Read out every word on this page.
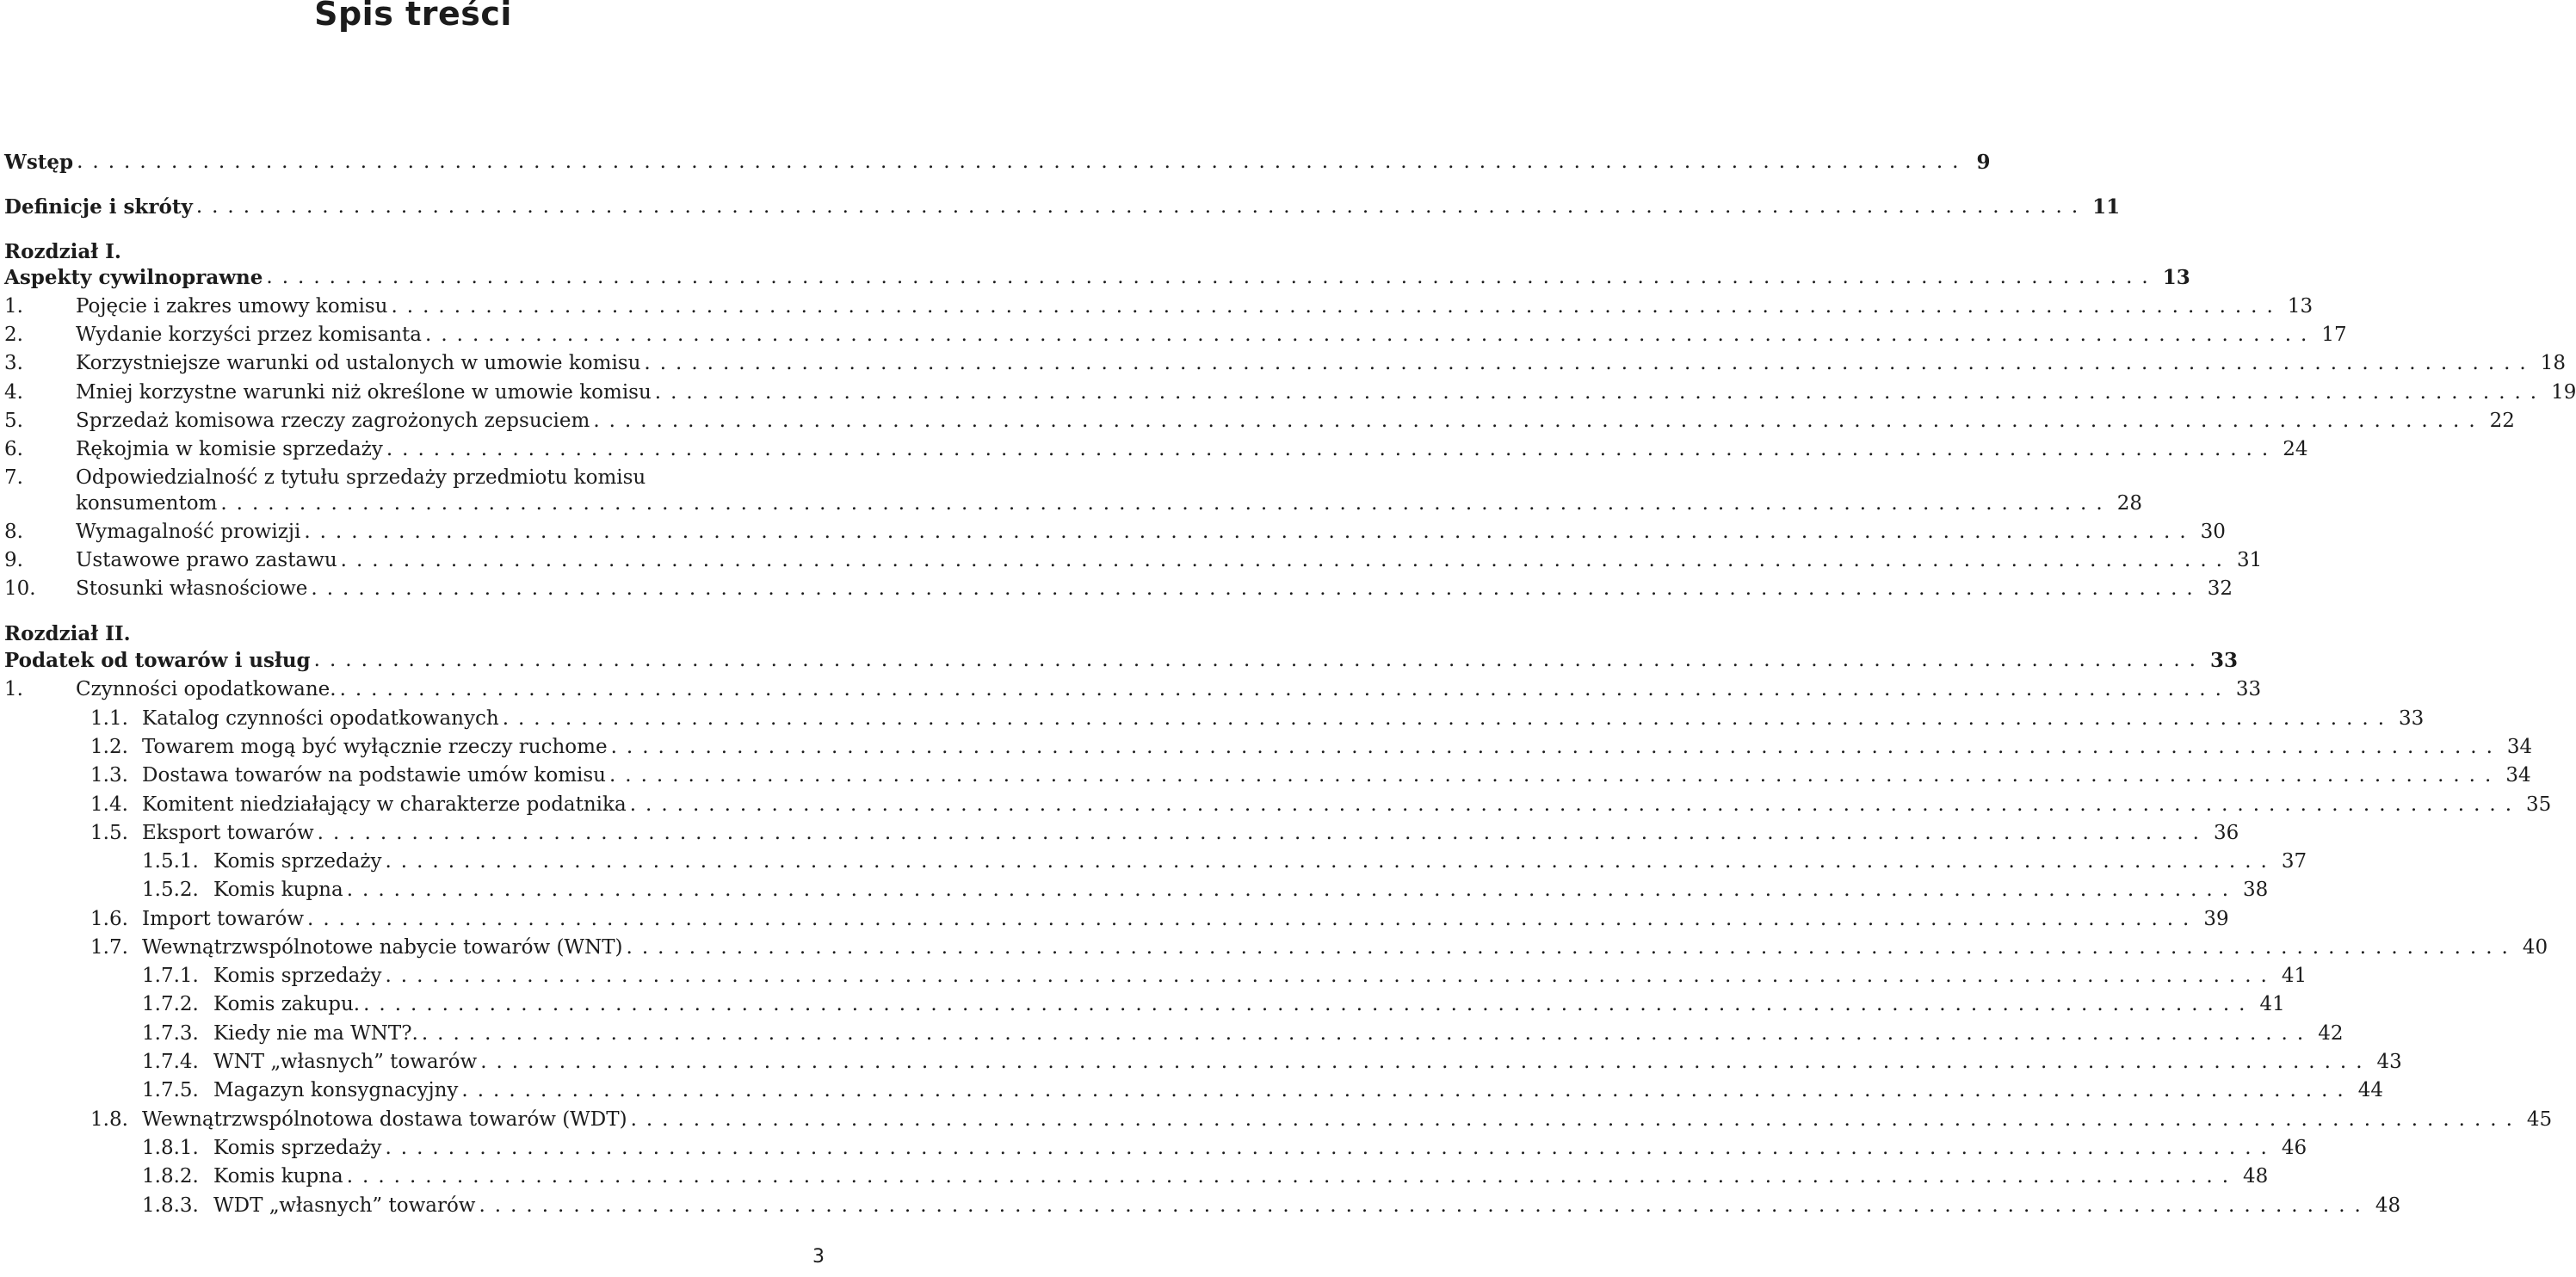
Spis treści
Wstęp ........................................................................................................................ 9
Definicje i skróty ........................................................................................................................ 11
Rozdział I.
Aspekty cywilnoprawne ........................................................................................................................ 13
1.	Pojęcie i zakres umowy komisu ........................................................................................................................ 13
2.	Wydanie korzyści przez komisanta ........................................................................................................................ 17
3.	Korzystniejsze warunki od ustalonych w umowie komisu ........................................................................................................................ 18
4.	Mniej korzystne warunki niż określone w umowie komisu ........................................................................................................................ 19
5.	Sprzedaż komisowa rzeczy zagrożonych zepsuciem ........................................................................................................................ 22
6.	Rękojmia w komisie sprzedaży ........................................................................................................................ 24
7.	Odpowiedzialność z tytułu sprzedaży przedmiotu komisu
konsumentom ........................................................................................................................ 28
8.	Wymagalność prowizji ........................................................................................................................ 30
9.	Ustawowe prawo zastawu ........................................................................................................................ 31
10. Stosunki własnościowe ........................................................................................................................ 32
Rozdział II.
Podatek od towarów i usług ........................................................................................................................ 33
1.	Czynności opodatkowane. ........................................................................................................................ 33
1.1. Katalog czynności opodatkowanych ........................................................................................................................ 33
1.2. Towarem mogą być wyłącznie rzeczy ruchome ........................................................................................................................ 34
1.3. Dostawa towarów na podstawie umów komisu ........................................................................................................................ 34
1.4. Komitent niedziałający w charakterze podatnika ........................................................................................................................ 35
1.5. Eksport towarów ........................................................................................................................ 36
1.5.1. Komis sprzedaży ........................................................................................................................ 37
1.5.2. Komis kupna ........................................................................................................................ 38
1.6. Import towarów ........................................................................................................................ 39
1.7. Wewnątrzwspólnotowe nabycie towarów (WNT) ........................................................................................................................ 40
1.7.1. Komis sprzedaży ........................................................................................................................ 41
1.7.2. Komis zakupu. ........................................................................................................................ 41
1.7.3. Kiedy nie ma WNT?. ........................................................................................................................ 42
1.7.4. WNT „własnych” towarów ........................................................................................................................ 43
1.7.5. Magazyn konsygnacyjny ........................................................................................................................ 44
1.8. Wewnątrzwspólnotowa dostawa towarów (WDT) ........................................................................................................................ 45
1.8.1. Komis sprzedaży ........................................................................................................................ 46
1.8.2. Komis kupna ........................................................................................................................ 48
1.8.3. WDT „własnych” towarów ........................................................................................................................ 48
3
